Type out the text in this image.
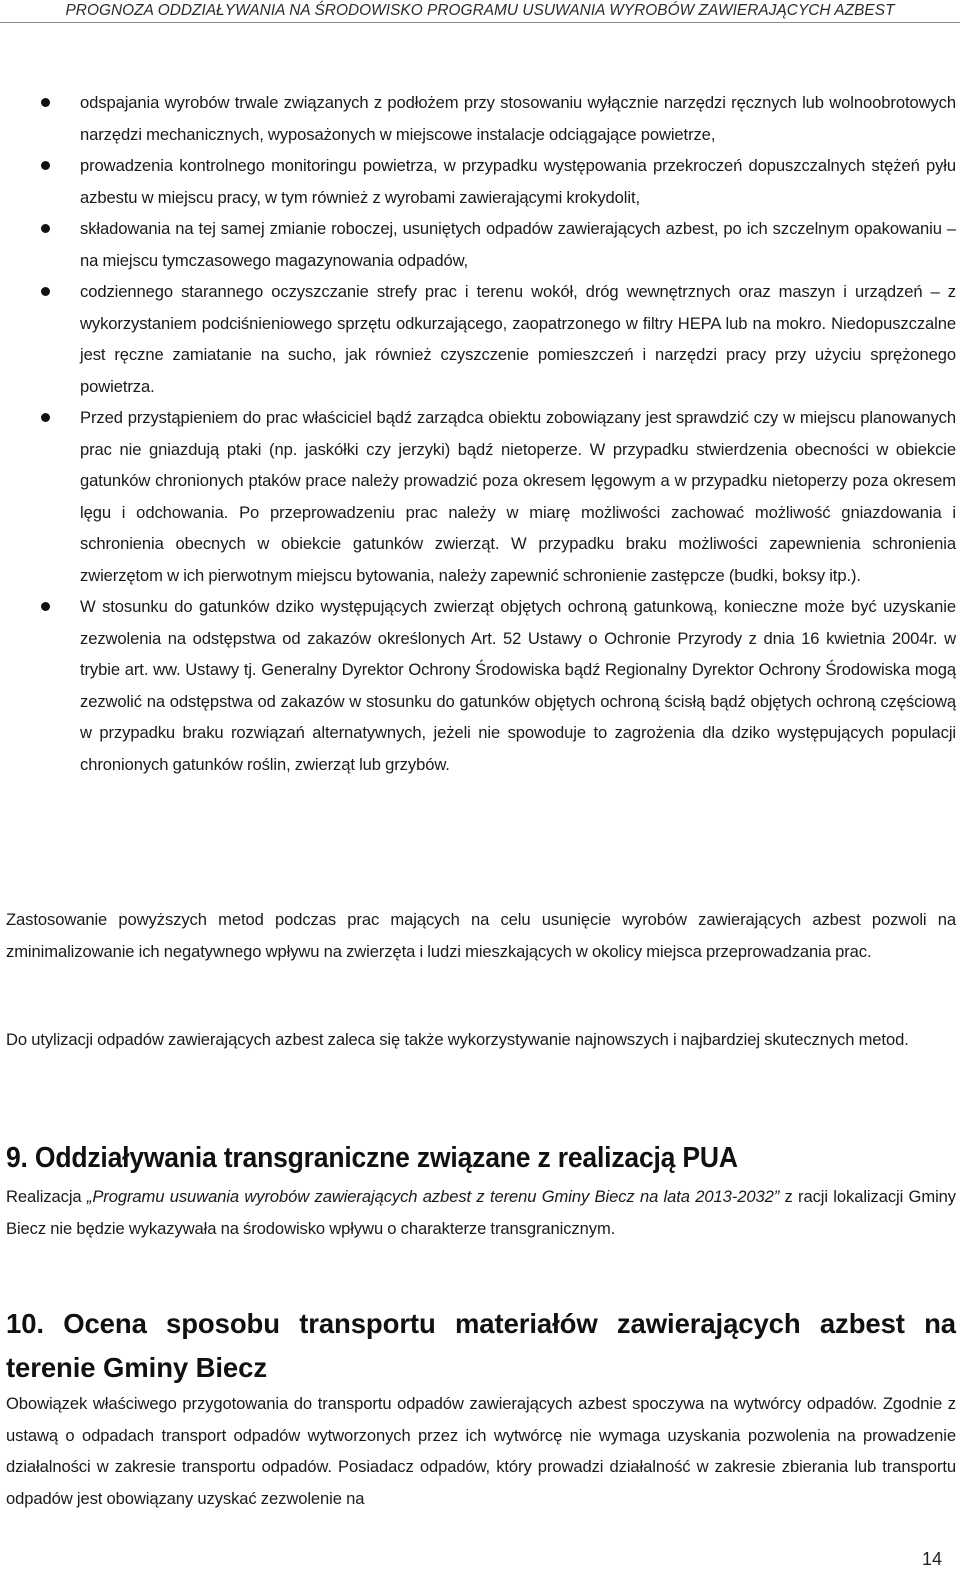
PROGNOZA ODDZIAŁYWANIA NA ŚRODOWISKO PROGRAMU USUWANIA WYROBÓW ZAWIERAJĄCYCH AZBEST

odspajania wyrobów trwale związanych z podłożem przy stosowaniu wyłącznie narzędzi ręcznych lub wolnoobrotowych narzędzi mechanicznych, wyposażonych w miejscowe instalacje odciągające powietrze,

prowadzenia kontrolnego monitoringu powietrza, w przypadku występowania przekroczeń dopuszczalnych stężeń pyłu azbestu w miejscu pracy, w tym również z wyrobami zawierającymi krokydolit,

składowania na tej samej zmianie roboczej, usuniętych odpadów zawierających azbest, po ich szczelnym opakowaniu – na miejscu tymczasowego magazynowania odpadów,

codziennego starannego oczyszczanie strefy prac i terenu wokół, dróg wewnętrznych oraz maszyn i urządzeń – z wykorzystaniem podciśnieniowego sprzętu odkurzającego, zaopatrzonego w filtry HEPA lub na mokro. Niedopuszczalne jest ręczne zamiatanie na sucho, jak również czyszczenie pomieszczeń i narzędzi pracy przy użyciu sprężonego powietrza.

Przed przystąpieniem do prac właściciel bądź zarządca obiektu zobowiązany jest sprawdzić czy w miejscu planowanych prac nie gniazdują ptaki (np. jaskółki czy jerzyki) bądź nietoperze. W przypadku stwierdzenia obecności w obiekcie gatunków chronionych ptaków prace należy prowadzić poza okresem lęgowym a w przypadku nietoperzy poza okresem lęgu i odchowania. Po przeprowadzeniu prac należy w miarę możliwości zachować możliwość gniazdowania i schronienia obecnych w obiekcie gatunków zwierząt. W przypadku braku możliwości zapewnienia schronienia zwierzętom w ich pierwotnym miejscu bytowania, należy zapewnić schronienie zastępcze (budki, boksy itp.).

W stosunku do gatunków dziko występujących zwierząt objętych ochroną gatunkową, konieczne może być uzyskanie zezwolenia na odstępstwa od zakazów określonych Art. 52 Ustawy o Ochronie Przyrody z dnia 16 kwietnia 2004r. w trybie art. ww. Ustawy tj. Generalny Dyrektor Ochrony Środowiska bądź Regionalny Dyrektor Ochrony Środowiska mogą zezwolić na odstępstwa od zakazów w stosunku do gatunków objętych ochroną ścisłą bądź objętych ochroną częściową w przypadku braku rozwiązań alternatywnych, jeżeli nie spowoduje to zagrożenia dla dziko występujących populacji chronionych gatunków roślin, zwierząt lub grzybów.

Zastosowanie powyższych metod podczas prac mających na celu usunięcie wyrobów zawierających azbest pozwoli na zminimalizowanie ich negatywnego wpływu na zwierzęta i ludzi mieszkających w okolicy miejsca przeprowadzania prac.

Do utylizacji odpadów zawierających azbest zaleca się także wykorzystywanie najnowszych i najbardziej skutecznych metod.

9. Oddziaływania transgraniczne związane z realizacją PUA

Realizacja „Programu usuwania wyrobów zawierających azbest z terenu Gminy Biecz na lata 2013-2032” z racji lokalizacji Gminy Biecz nie będzie wykazywała na środowisko wpływu o charakterze transgranicznym.

10. Ocena sposobu transportu materiałów zawierających azbest na terenie Gminy Biecz

Obowiązek właściwego przygotowania do transportu odpadów zawierających azbest spoczywa na wytwórcy odpadów. Zgodnie z ustawą o odpadach transport odpadów wytworzonych przez ich wytwórcę nie wymaga uzyskania pozwolenia na prowadzenie działalności w zakresie transportu odpadów. Posiadacz odpadów, który prowadzi działalność w zakresie zbierania lub transportu odpadów jest obowiązany uzyskać zezwolenie na

14
